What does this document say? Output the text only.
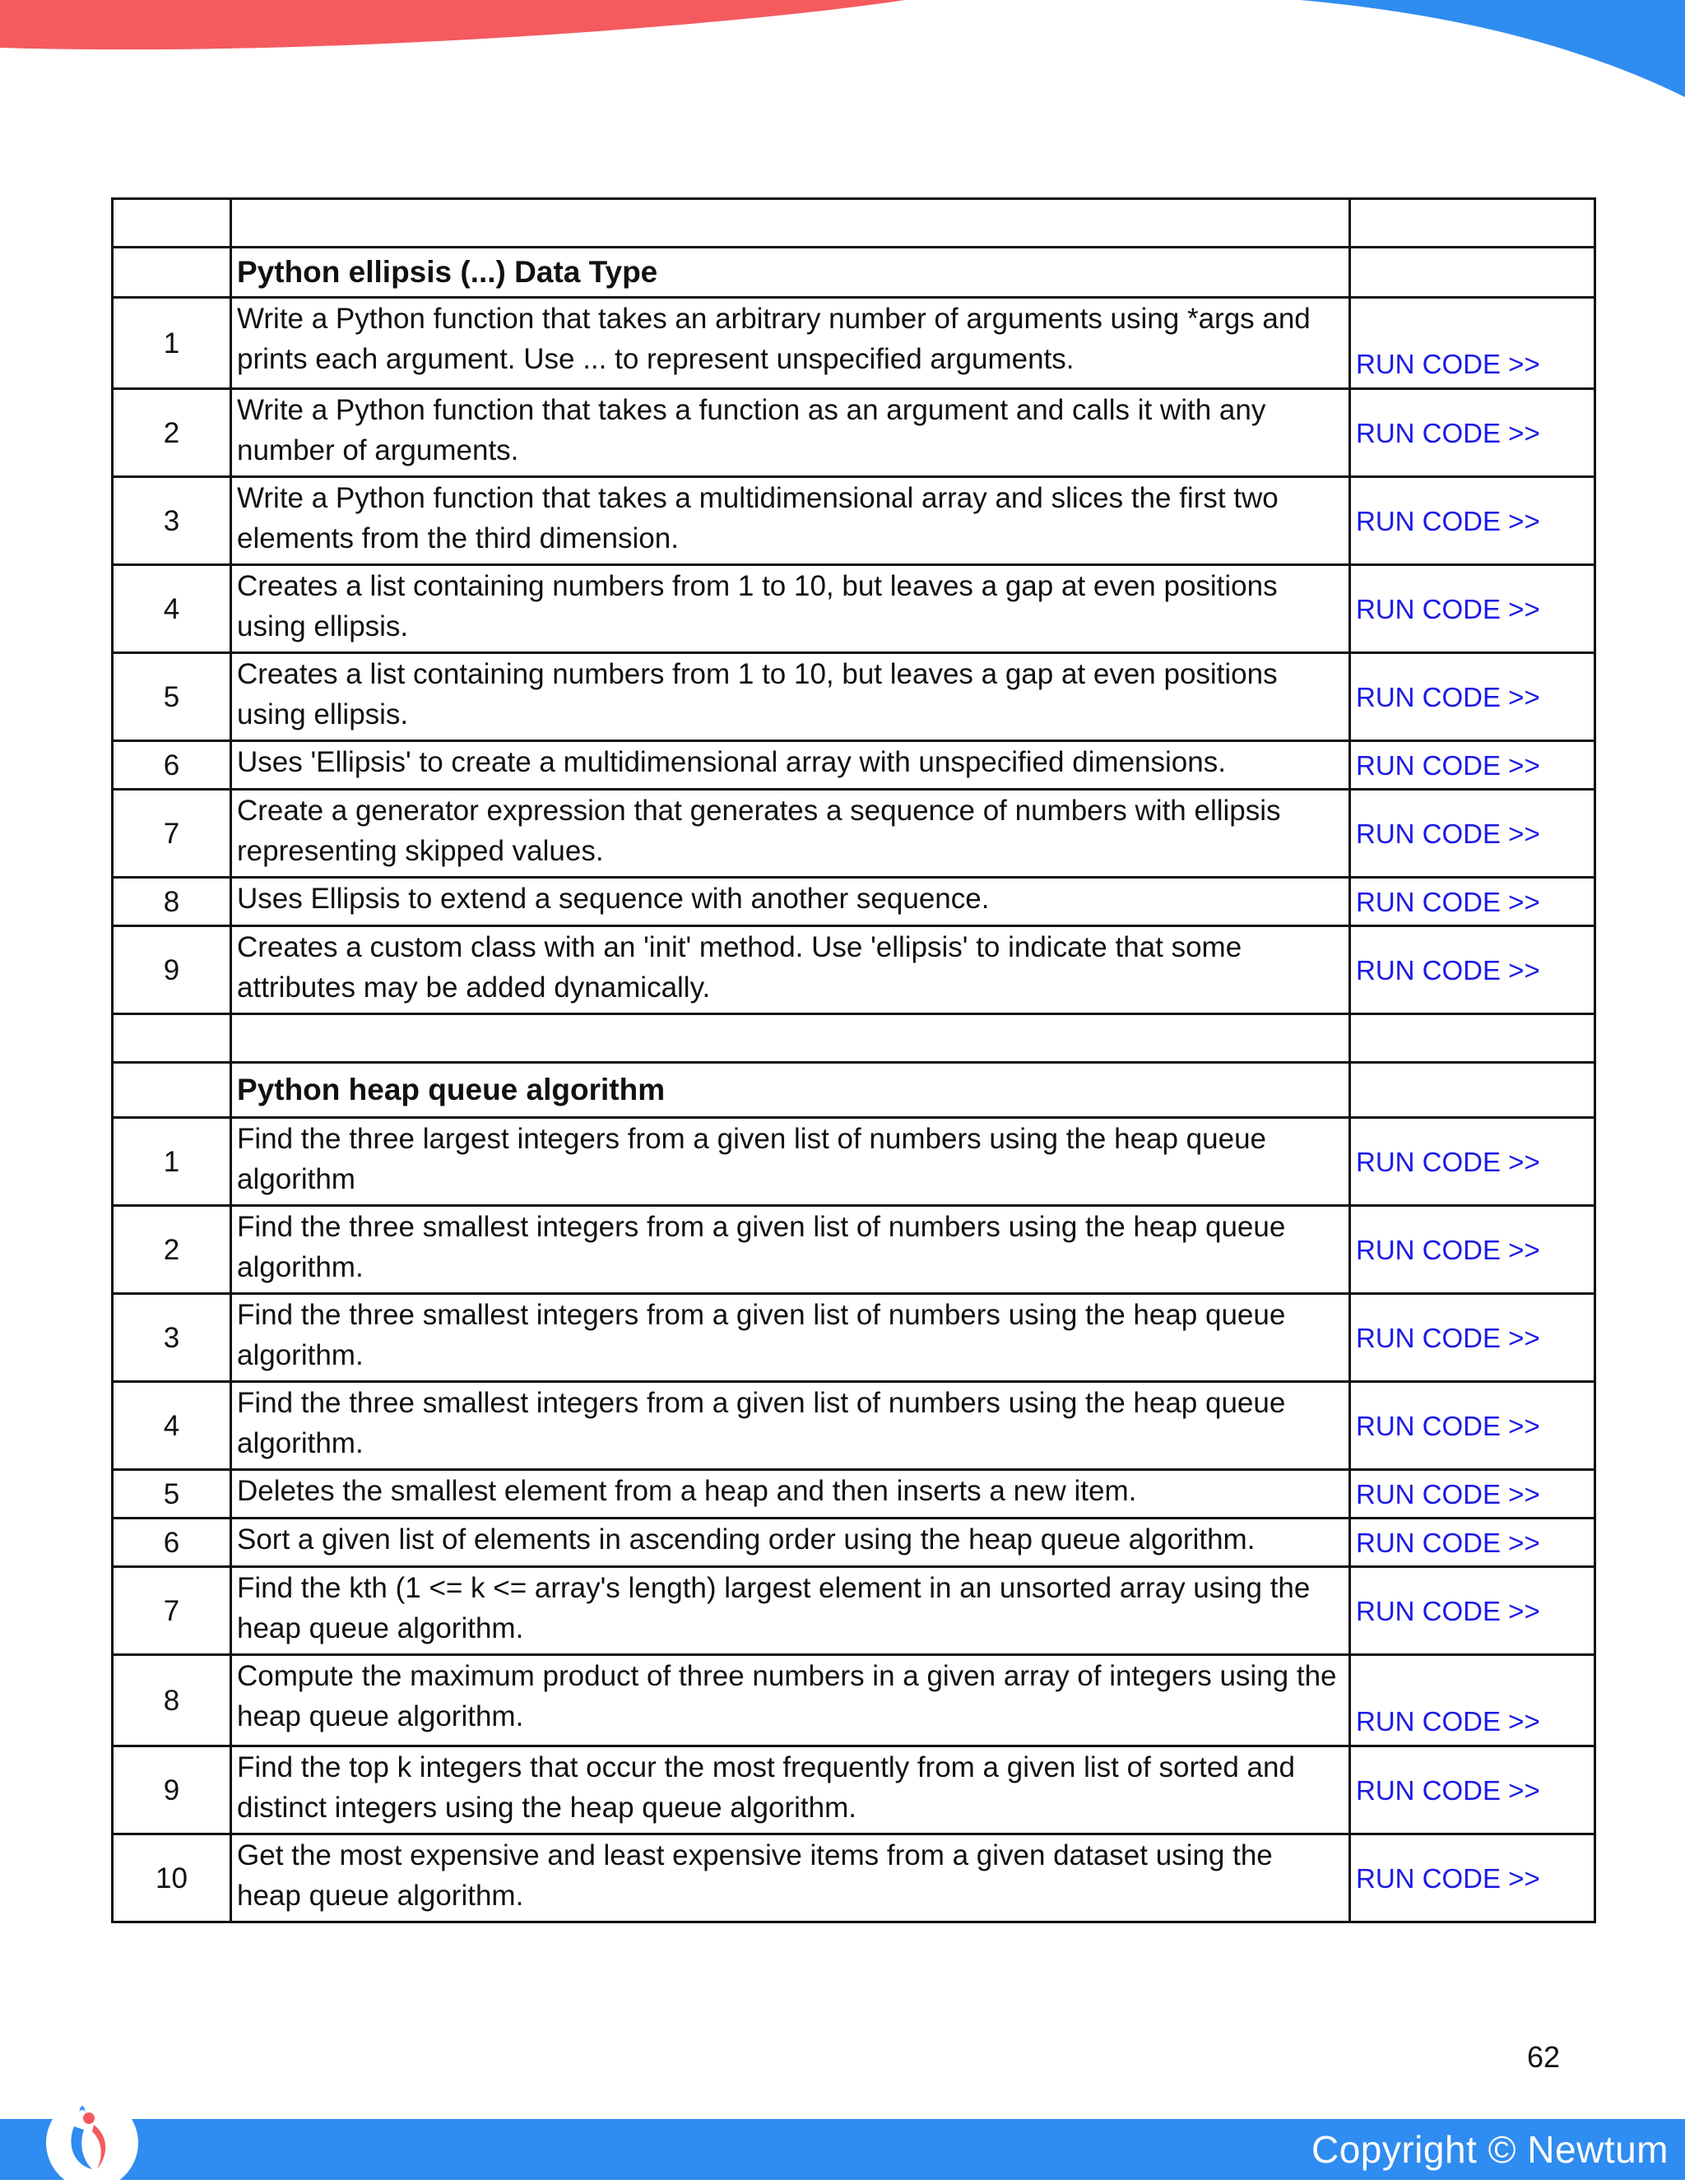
	Python ellipsis (...) Data Type	
1	Write a Python function that takes an arbitrary number of arguments using *args and prints each argument. Use ... to represent unspecified arguments.	RUN CODE >>
2	Write a Python function that takes a function as an argument and calls it with any number of arguments.	RUN CODE >>
3	Write a Python function that takes a multidimensional array and slices the first two elements from the third dimension.	RUN CODE >>
4	Creates a list containing numbers from 1 to 10, but leaves a gap at even positions using ellipsis.	RUN CODE >>
5	Creates a list containing numbers from 1 to 10, but leaves a gap at even positions using ellipsis.	RUN CODE >>
6	Uses 'Ellipsis' to create a multidimensional array with unspecified dimensions.	RUN CODE >>
7	Create a generator expression that generates a sequence of numbers with ellipsis representing skipped values.	RUN CODE >>
8	Uses Ellipsis to extend a sequence with another sequence.	RUN CODE >>
9	Creates a custom class with an 'init' method. Use 'ellipsis' to indicate that some attributes may be added dynamically.	RUN CODE >>

	Python heap queue algorithm	
1	Find the three largest integers from a given list of numbers using the heap queue algorithm	RUN CODE >>
2	Find the three smallest integers from a given list of numbers using the heap queue algorithm.	RUN CODE >>
3	Find the three smallest integers from a given list of numbers using the heap queue algorithm.	RUN CODE >>
4	Find the three smallest integers from a given list of numbers using the heap queue algorithm.	RUN CODE >>
5	Deletes the smallest element from a heap and then inserts a new item.	RUN CODE >>
6	Sort a given list of elements in ascending order using the heap queue algorithm.	RUN CODE >>
7	Find the kth (1 <= k <= array's length) largest element in an unsorted array using the heap queue algorithm.	RUN CODE >>
8	Compute the maximum product of three numbers in a given array of integers using the heap queue algorithm.	RUN CODE >>
9	Find the top k integers that occur the most frequently from a given list of sorted and distinct integers using the heap queue algorithm.	RUN CODE >>
10	Get the most expensive and least expensive items from a given dataset using the heap queue algorithm.	RUN CODE >>
62
Copyright © Newtum
